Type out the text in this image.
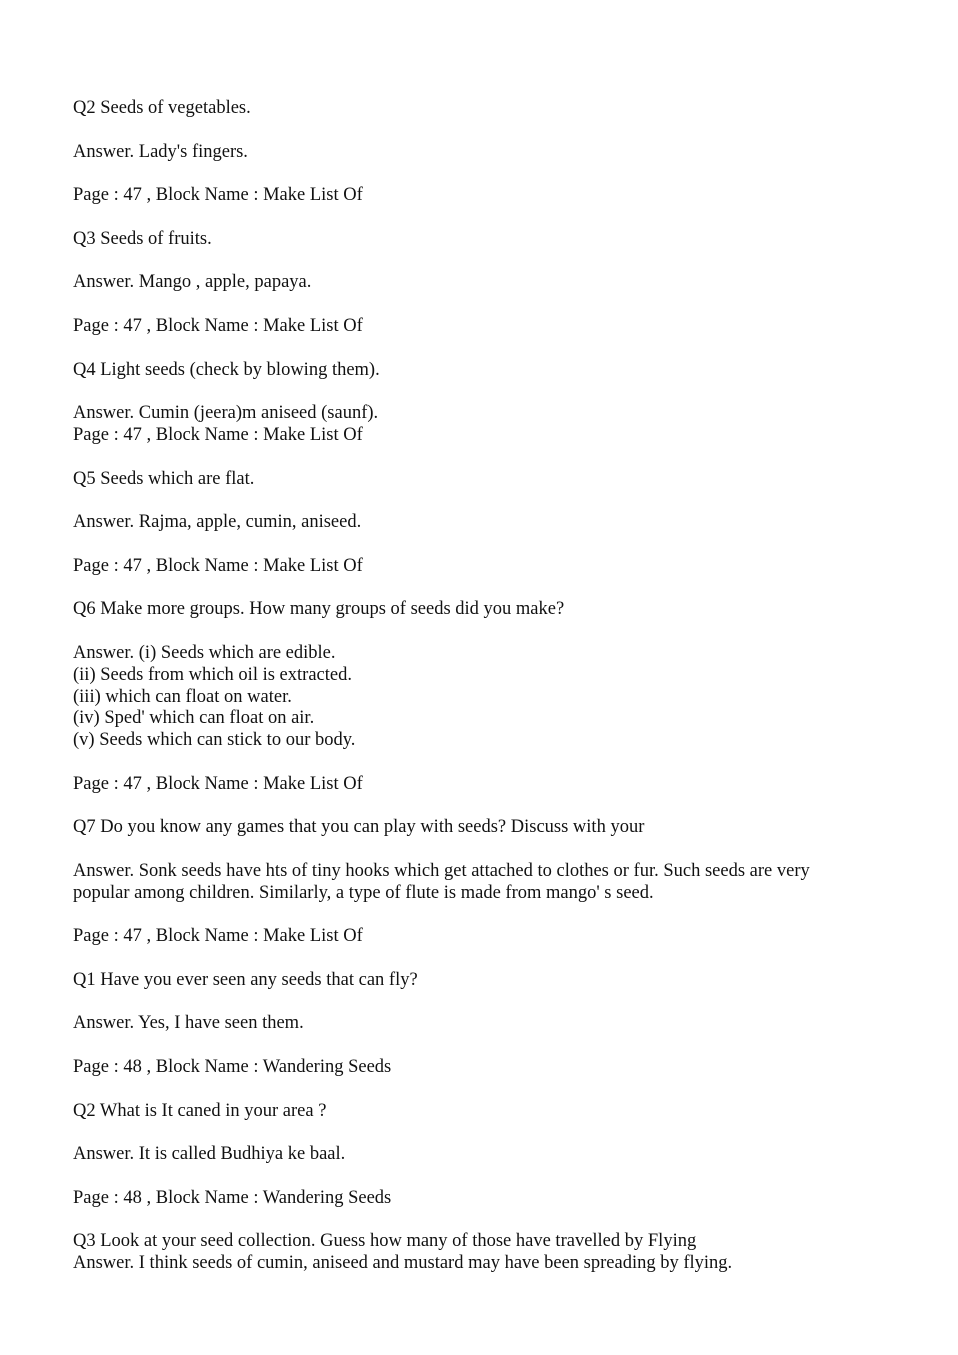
Q2 Seeds of vegetables.
Answer. Lady's fingers.
Page : 47 , Block Name : Make List Of
Q3 Seeds of fruits.
Answer. Mango , apple, papaya.
Page : 47 , Block Name : Make List Of
Q4 Light seeds (check by blowing them).
Answer. Cumin (jeera)m aniseed (saunf).
Page : 47 , Block Name : Make List Of
Q5 Seeds which are flat.
Answer. Rajma, apple, cumin, aniseed.
Page : 47 , Block Name : Make List Of
Q6 Make more groups. How many groups of seeds did you make?
Answer. (i) Seeds which are edible.
(ii) Seeds from which oil is extracted.
(iii) which can float on water.
(iv) Sped' which can float on air.
(v) Seeds which can stick to our body.
Page : 47 , Block Name : Make List Of
Q7 Do you know any games that you can play with seeds? Discuss with your
Answer. Sonk seeds have hts of tiny hooks which get attached to clothes or fur. Such seeds are very
popular among children. Similarly, a type of flute is made from mango' s seed.
Page : 47 , Block Name : Make List Of
Q1 Have you ever seen any seeds that can fly?
Answer. Yes, I have seen them.
Page : 48 , Block Name : Wandering Seeds
Q2 What is It caned in your area ?
Answer. It is called Budhiya ke baal.
Page : 48 , Block Name : Wandering Seeds
Q3 Look at your seed collection. Guess how many of those have travelled by Flying
Answer. I think seeds of cumin, aniseed and mustard may have been spreading by flying.
